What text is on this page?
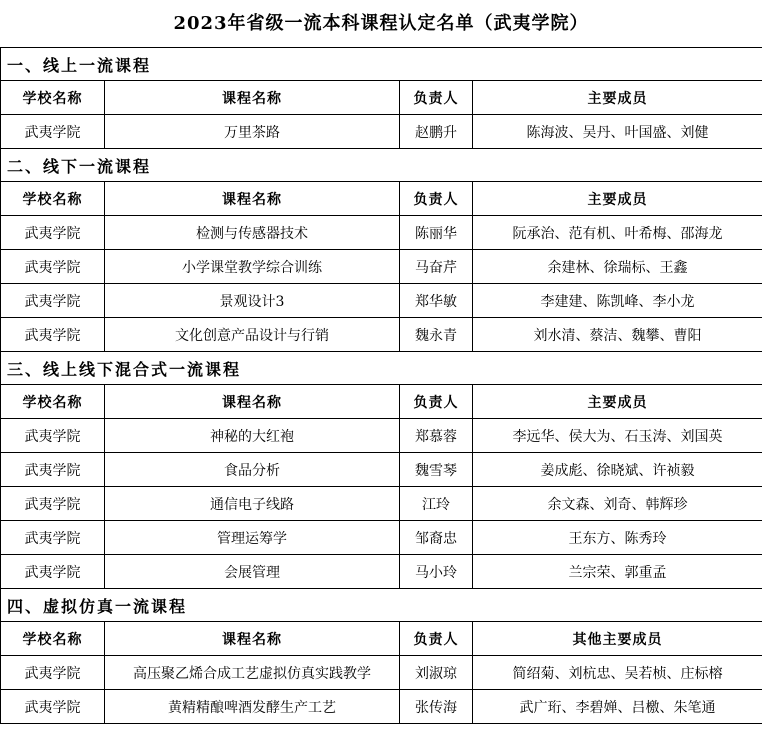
2023年省级一流本科课程认定名单（武夷学院）
一、线上一流课程			
学校名称	课程名称	负责人	主要成员
武夷学院	万里茶路	赵鹏升	陈海波、吴丹、叶国盛、刘健
二、线下一流课程			
学校名称	课程名称	负责人	主要成员
武夷学院	检测与传感器技术	陈丽华	阮承治、范有机、叶希梅、邵海龙
武夷学院	小学课堂教学综合训练	马奋芹	余建林、徐瑞标、王鑫
武夷学院	景观设计3	郑华敏	李建建、陈凯峰、李小龙
武夷学院	文化创意产品设计与行销	魏永青	刘水清、蔡洁、魏攀、曹阳
三、线上线下混合式一流课程			
学校名称	课程名称	负责人	主要成员
武夷学院	神秘的大红袍	郑慕蓉	李远华、侯大为、石玉涛、刘国英
武夷学院	食品分析	魏雪琴	姜成彪、徐晓斌、许祯毅
武夷学院	通信电子线路	江玲	余文森、刘奇、韩辉珍
武夷学院	管理运筹学	邹裔忠	王东方、陈秀玲
武夷学院	会展管理	马小玲	兰宗荣、郭重孟
四、虚拟仿真一流课程			
学校名称	课程名称	负责人	其他主要成员
武夷学院	高压聚乙烯合成工艺虚拟仿真实践教学	刘淑琼	简绍菊、刘杭忠、吴若桢、庄标榕
武夷学院	黄精精酿啤酒发酵生产工艺	张传海	武广珩、李碧婵、吕檄、朱笔通
